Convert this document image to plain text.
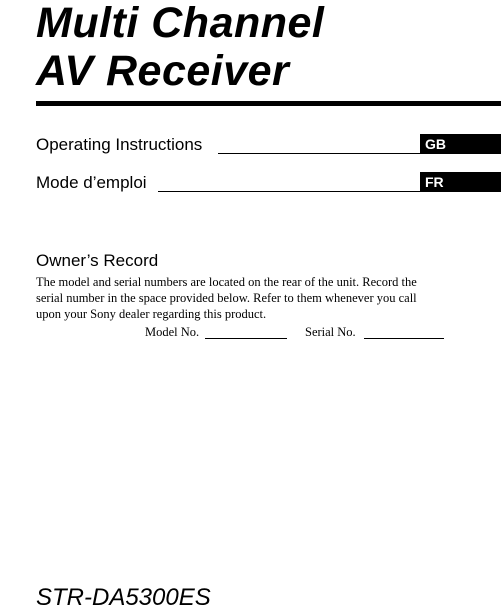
Multi Channel
AV Receiver
Operating Instructions	GB
Mode d’emploi	FR
Owner’s Record
The model and serial numbers are located on the rear of the unit. Record the
serial number in the space provided below. Refer to them whenever you call
upon your Sony dealer regarding this product.
Model No.	Serial No.
STR-DA5300ES
